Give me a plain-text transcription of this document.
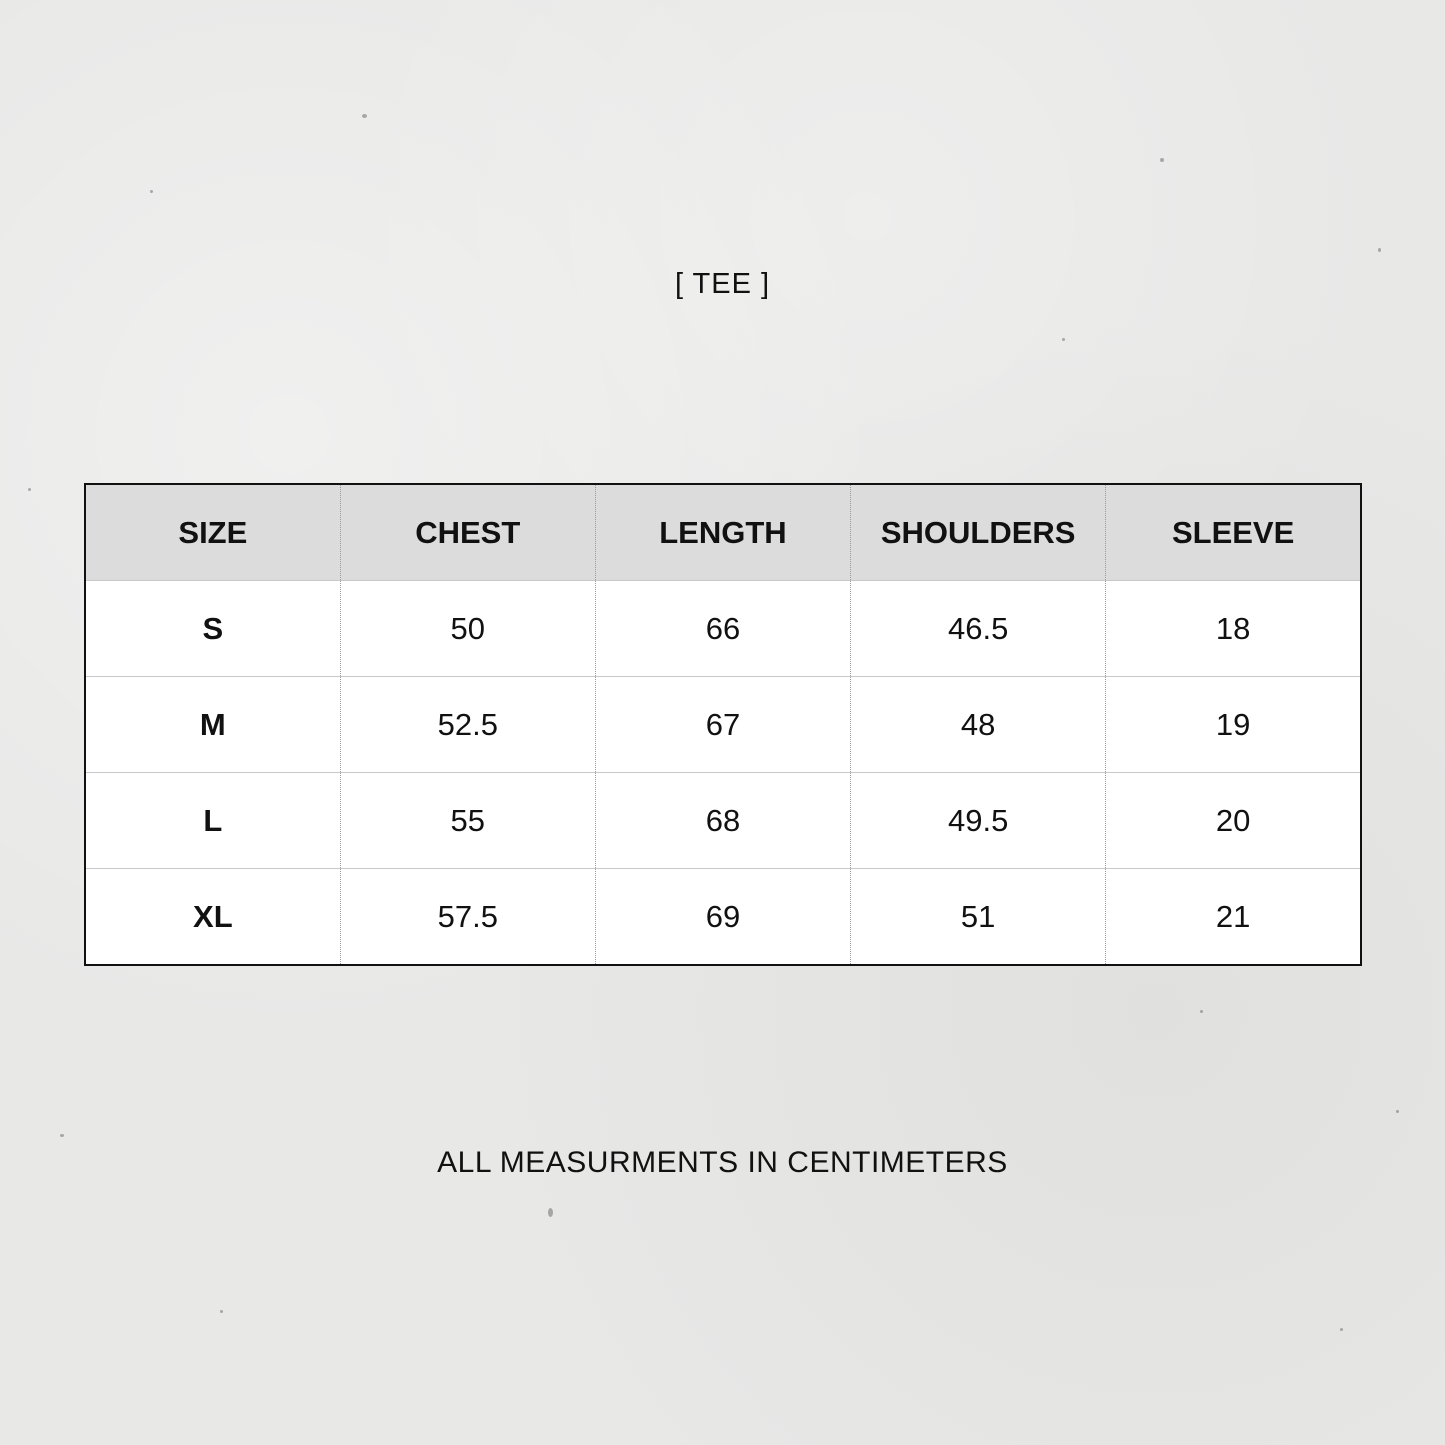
[ TEE ]
SIZE	CHEST	LENGTH	SHOULDERS	SLEEVE
S	50	66	46.5	18
M	52.5	67	48	19
L	55	68	49.5	20
XL	57.5	69	51	21
ALL MEASURMENTS IN CENTIMETERS
